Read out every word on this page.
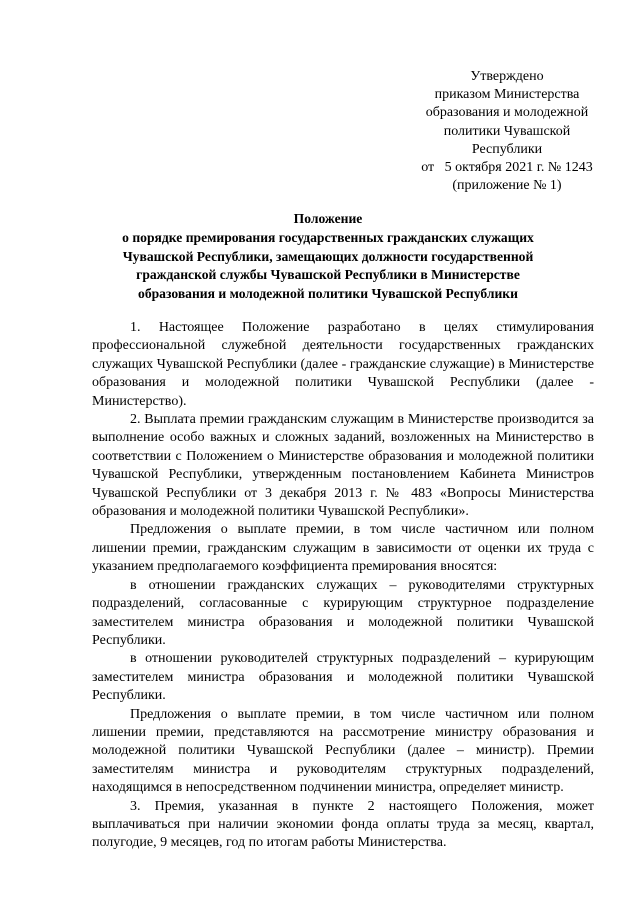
Утверждено
приказом Министерства
образования и молодежной
политики Чувашской
Республики
от   5 октября 2021 г. № 1243
(приложение № 1)
Положение
о порядке премирования государственных гражданских служащих
Чувашской Республики, замещающих должности государственной
гражданской службы Чувашской Республики в Министерстве
образования и молодежной политики Чувашской Республики

1. Настоящее Положение разработано в целях стимулирования профессиональной служебной деятельности государственных гражданских служащих Чувашской Республики (далее - гражданские служащие) в Министерстве образования и молодежной политики Чувашской Республики (далее - Министерство).

2. Выплата премии гражданским служащим в Министерстве производится за выполнение особо важных и сложных заданий, возложенных на Министерство в соответствии с Положением о Министерстве образования и молодежной политики Чувашской Республики, утвержденным постановлением Кабинета Министров Чувашской Республики от 3 декабря 2013 г. № 483 «Вопросы Министерства образования и молодежной политики Чувашской Республики».

Предложения о выплате премии, в том числе частичном или полном лишении премии, гражданским служащим в зависимости от оценки их труда с указанием предполагаемого коэффициента премирования вносятся:

в отношении гражданских служащих – руководителями структурных подразделений, согласованные с курирующим структурное подразделение заместителем министра образования и молодежной политики Чувашской Республики.

в отношении руководителей структурных подразделений – курирующим заместителем министра образования и молодежной политики Чувашской Республики.

Предложения о выплате премии, в том числе частичном или полном лишении премии, представляются на рассмотрение министру образования и молодежной политики Чувашской Республики (далее – министр). Премии заместителям министра и руководителям структурных подразделений, находящимся в непосредственном подчинении министра, определяет министр.

3. Премия, указанная в пункте 2 настоящего Положения, может выплачиваться при наличии экономии фонда оплаты труда за месяц, квартал, полугодие, 9 месяцев, год по итогам работы Министерства.
